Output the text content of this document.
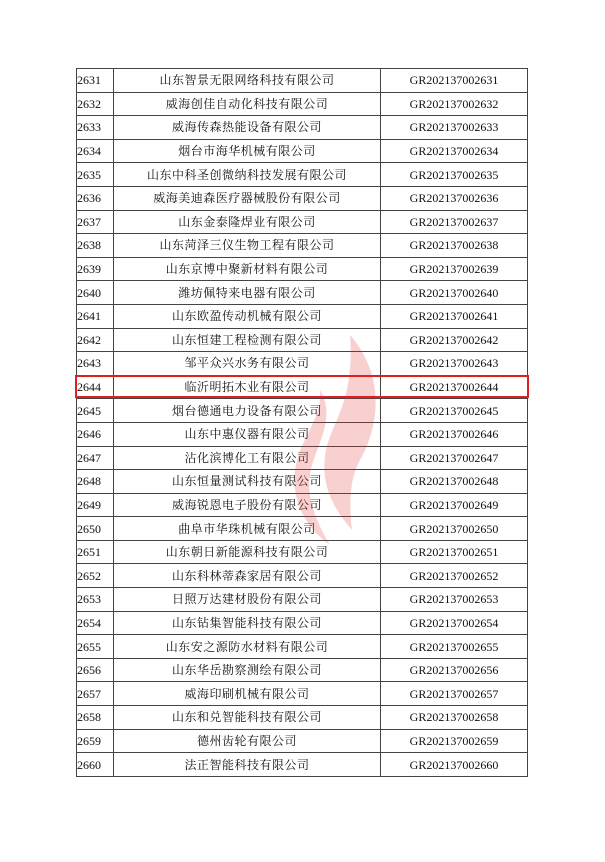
2631	山东智景无限网络科技有限公司	GR202137002631
2632	威海创佳自动化科技有限公司	GR202137002632
2633	威海传森热能设备有限公司	GR202137002633
2634	烟台市海华机械有限公司	GR202137002634
2635	山东中科圣创微纳科技发展有限公司	GR202137002635
2636	威海美迪森医疗器械股份有限公司	GR202137002636
2637	山东金泰隆焊业有限公司	GR202137002637
2638	山东菏泽三仪生物工程有限公司	GR202137002638
2639	山东京博中聚新材料有限公司	GR202137002639
2640	潍坊佩特来电器有限公司	GR202137002640
2641	山东欧盈传动机械有限公司	GR202137002641
2642	山东恒建工程检测有限公司	GR202137002642
2643	邹平众兴水务有限公司	GR202137002643
2644	临沂明拓木业有限公司	GR202137002644
2645	烟台德通电力设备有限公司	GR202137002645
2646	山东中惠仪器有限公司	GR202137002646
2647	沾化滨博化工有限公司	GR202137002647
2648	山东恒量测试科技有限公司	GR202137002648
2649	威海锐恩电子股份有限公司	GR202137002649
2650	曲阜市华珠机械有限公司	GR202137002650
2651	山东朝日新能源科技有限公司	GR202137002651
2652	山东科林蒂森家居有限公司	GR202137002652
2653	日照万达建材股份有限公司	GR202137002653
2654	山东钻集智能科技有限公司	GR202137002654
2655	山东安之源防水材料有限公司	GR202137002655
2656	山东华岳勘察测绘有限公司	GR202137002656
2657	威海印刷机械有限公司	GR202137002657
2658	山东和兑智能科技有限公司	GR202137002658
2659	德州齿轮有限公司	GR202137002659
2660	法正智能科技有限公司	GR202137002660
